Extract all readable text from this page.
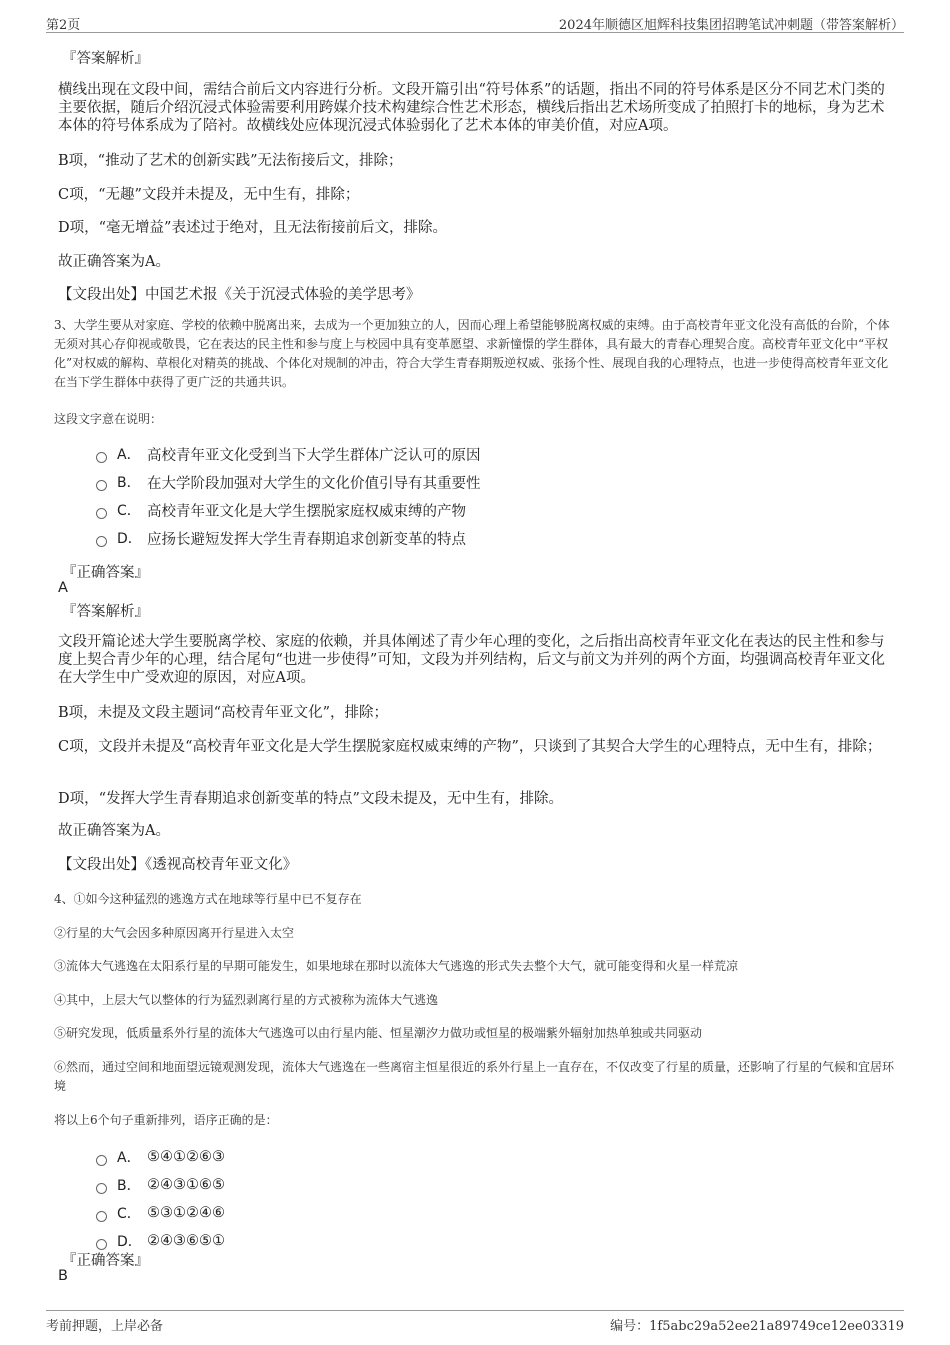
第2页	2024年顺德区旭辉科技集团招聘笔试冲刺题（带答案解析）
『答案解析』
横线出现在文段中间，需结合前后文内容进行分析。文段开篇引出“符号体系”的话题，指出不同的符号体系是区分不同艺术门类的主要依据，随后介绍沉浸式体验需要利用跨媒介技术构建综合性艺术形态，横线后指出艺术场所变成了拍照打卡的地标，身为艺术本体的符号体系成为了陪衬。故横线处应体现沉浸式体验弱化了艺术本体的审美价值，对应A项。
B项，“推动了艺术的创新实践”无法衔接后文，排除；
C项，“无趣”文段并未提及，无中生有，排除；
D项，“毫无增益”表述过于绝对，且无法衔接前后文，排除。
故正确答案为A。
【文段出处】中国艺术报《关于沉浸式体验的美学思考》
3、大学生要从对家庭、学校的依赖中脱离出来，去成为一个更加独立的人，因而心理上希望能够脱离权威的束缚。由于高校青年亚文化没有高低的台阶，个体无须对其心存仰视或敬畏，它在表达的民主性和参与度上与校园中具有变革愿望、求新憧憬的学生群体，具有最大的青春心理契合度。高校青年亚文化中“平权化”对权威的解构、草根化对精英的挑战、个体化对规制的冲击，符合大学生青春期叛逆权威、张扬个性、展现自我的心理特点，也进一步使得高校青年亚文化在当下学生群体中获得了更广泛的共通共识。
这段文字意在说明：
A． 高校青年亚文化受到当下大学生群体广泛认可的原因
B． 在大学阶段加强对大学生的文化价值引导有其重要性
C． 高校青年亚文化是大学生摆脱家庭权威束缚的产物
D． 应扬长避短发挥大学生青春期追求创新变革的特点
『正确答案』
A
『答案解析』
文段开篇论述大学生要脱离学校、家庭的依赖，并具体阐述了青少年心理的变化，之后指出高校青年亚文化在表达的民主性和参与度上契合青少年的心理，结合尾句“也进一步使得”可知，文段为并列结构，后文与前文为并列的两个方面，均强调高校青年亚文化在大学生中广受欢迎的原因，对应A项。
B项，未提及文段主题词“高校青年亚文化”，排除；
C项，文段并未提及“高校青年亚文化是大学生摆脱家庭权威束缚的产物”，只谈到了其契合大学生的心理特点，无中生有，排除；
D项，“发挥大学生青春期追求创新变革的特点”文段未提及，无中生有，排除。
故正确答案为A。
【文段出处】《透视高校青年亚文化》
4、①如今这种猛烈的逃逸方式在地球等行星中已不复存在
②行星的大气会因多种原因离开行星进入太空
③流体大气逃逸在太阳系行星的早期可能发生，如果地球在那时以流体大气逃逸的形式失去整个大气，就可能变得和火星一样荒凉
④其中，上层大气以整体的行为猛烈剥离行星的方式被称为流体大气逃逸
⑤研究发现，低质量系外行星的流体大气逃逸可以由行星内能、恒星潮汐力做功或恒星的极端紫外辐射加热单独或共同驱动
⑥然而，通过空间和地面望远镜观测发现，流体大气逃逸在一些离宿主恒星很近的系外行星上一直存在，不仅改变了行星的质量，还影响了行星的气候和宜居环境
将以上6个句子重新排列，语序正确的是：
A． ⑤④①②⑥③
B． ②④③①⑥⑤
C． ⑤③①②④⑥
D． ②④③⑥⑤①
『正确答案』
B
考前押题，上岸必备	编号：1f5abc29a52ee21a89749ce12ee03319
